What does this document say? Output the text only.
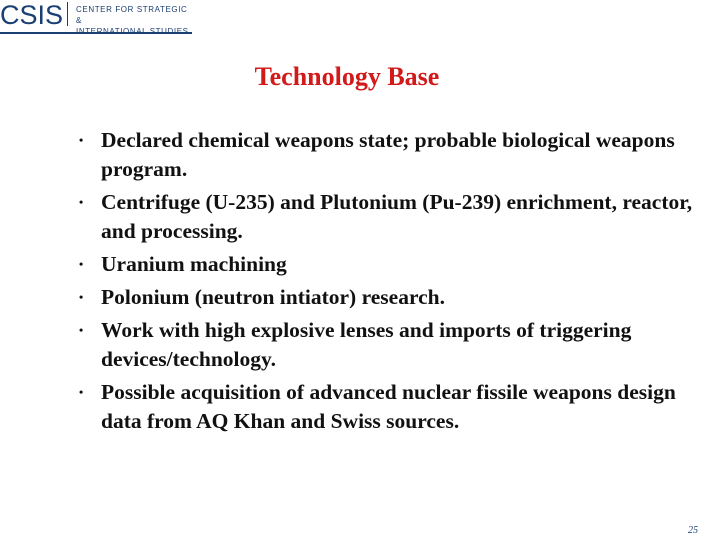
CSIS CENTER FOR STRATEGIC &
Technology Base
• Declared chemical weapons state; probable biological weapons program.
• Centrifuge (U-235) and Plutonium (Pu-239) enrichment, reactor, and processing.
• Uranium machining
• Polonium (neutron intiator) research.
• Work with high explosive lenses and imports of triggering devices/technology.
• Possible acquisition of advanced nuclear fissile weapons design data from AQ Khan and Swiss sources.
25
